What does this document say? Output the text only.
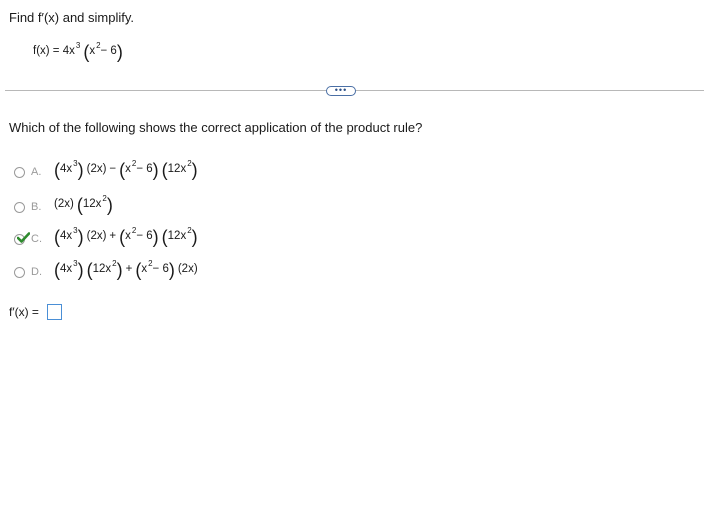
Find f′(x) and simplify.
$f(x) = 4x^3$ ( $x^2 - 6$ )
•••
Which of the following shows the correct application of the product rule?
A. ( $4x^3$ ) (2x) − ( $x^2 - 6$ ) ( $12x^2$ )
B. (2x) ( $12x^2$ )
C. ( $4x^3$ ) (2x) + ( $x^2 - 6$ ) ( $12x^2$ )
D. ( $4x^3$ ) ( $12x^2$ ) + ( $x^2 - 6$ ) (2x)
f′(x) =
